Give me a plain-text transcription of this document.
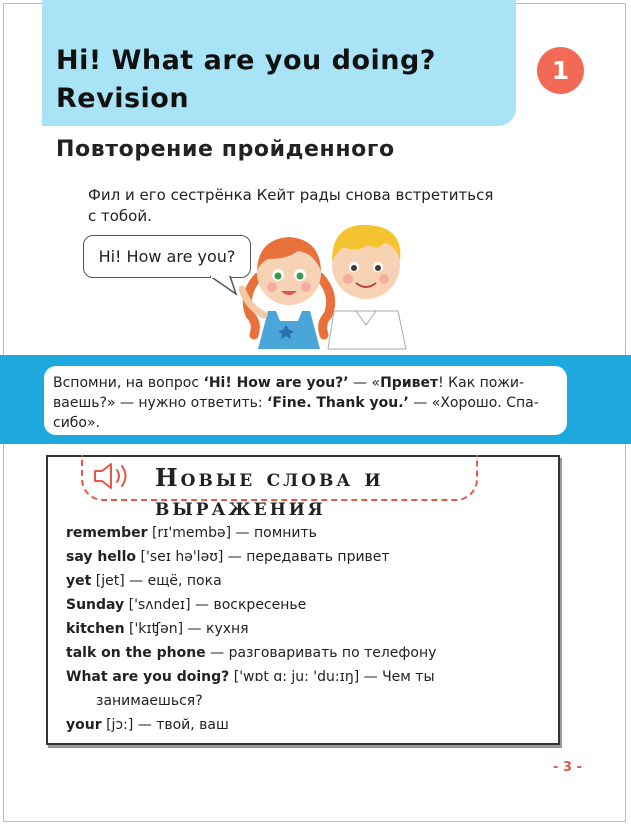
Hi! What are you doing?
Revision
1
Повторение пройденного

Фил и его сестрёнка Кейт рады снова встретиться
с тобой.

Hi! How are you?
Вспомни, на вопрос ‘Hi! How are you?’ — «Привет! Как пожи-
ваешь?» — нужно ответить: ‘Fine. Thank you.’ — «Хорошо. Спа-
сибо».
Новые слова и выражения
remember [rɪ'membə] — помнить
say hello ['seɪ hə'ləʊ] — передавать привет
yet [jet] — ещё, пока
Sunday ['sʌndeɪ] — воскресенье
kitchen ['kɪʧən] — кухня
talk on the phone — разговаривать по телефону
What are you doing? ['wɒt ɑ: ju: 'du:ɪŋ] — Чем ты
занимаешься?
your [jɔ:] — твой, ваш
- 3 -
